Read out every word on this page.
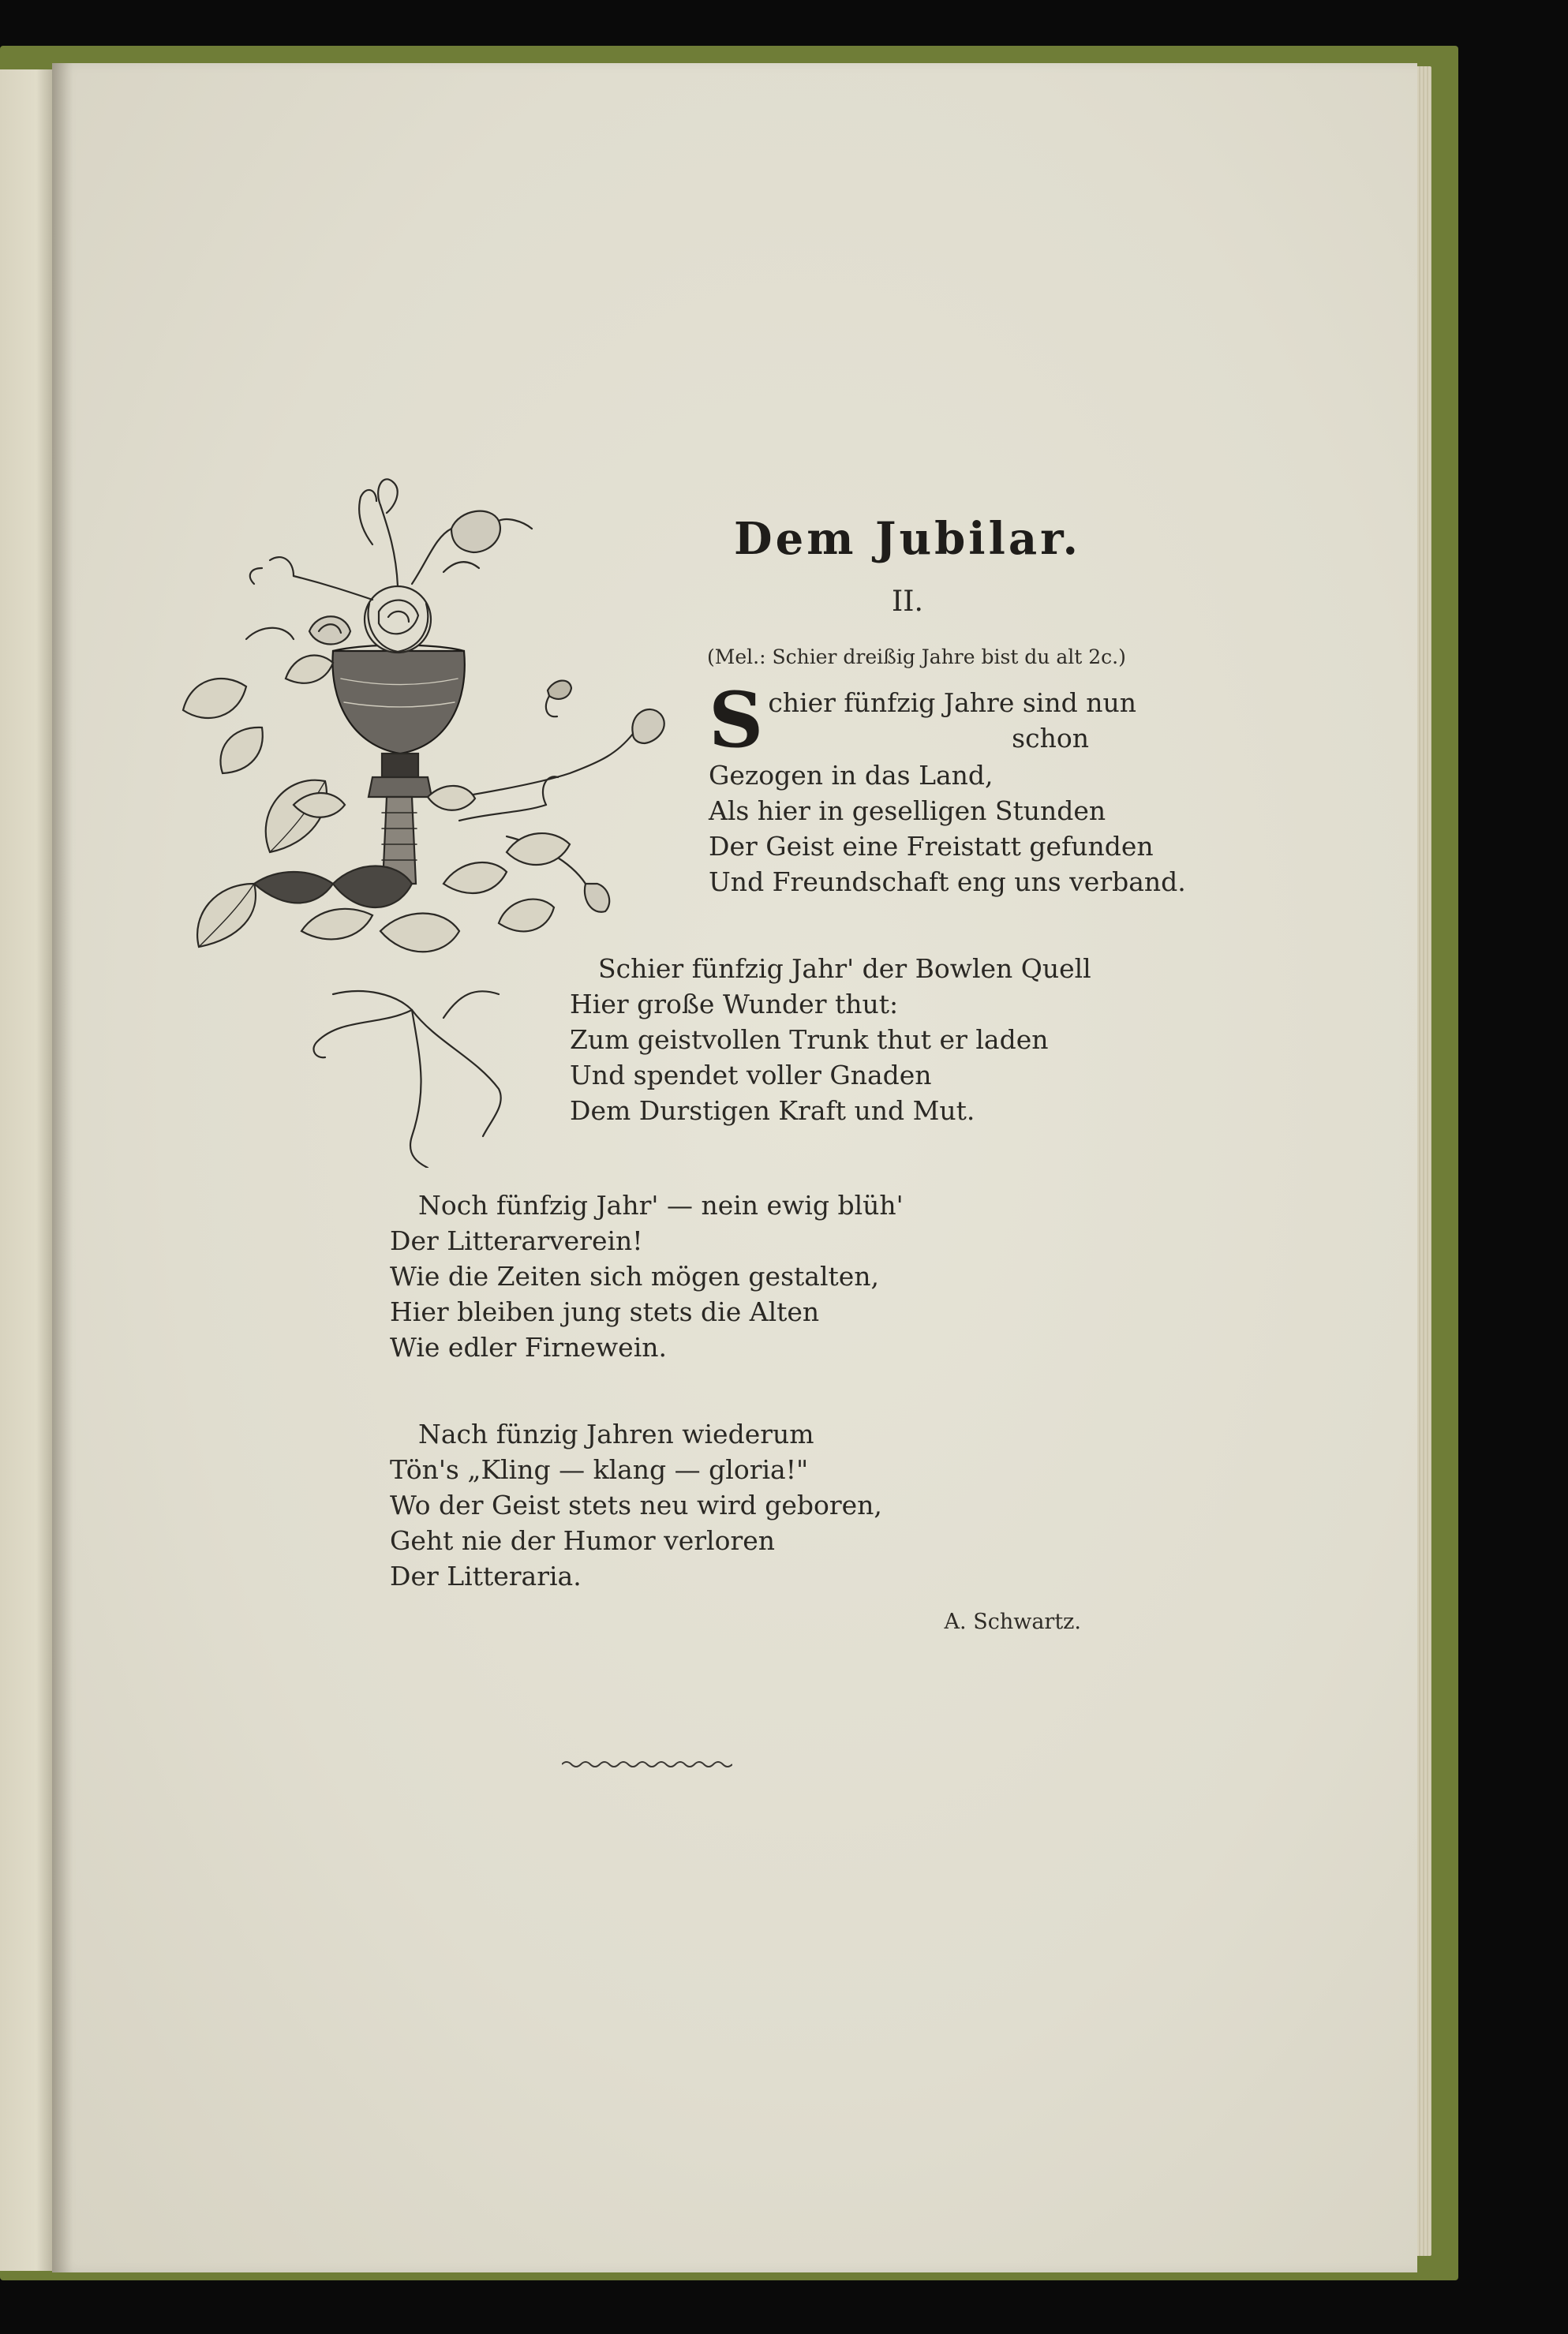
Dem Jubilar.
II.
(Mel.: Schier dreißig Jahre bist du alt 2c.)
S chier fünfzig Jahre sind nun
schon
Gezogen in das Land,
Als hier in geselligen Stunden
Der Geist eine Freistatt gefunden
Und Freundschaft eng uns verband.
Schier fünfzig Jahr' der Bowlen Quell
Hier große Wunder thut:
Zum geistvollen Trunk thut er laden
Und spendet voller Gnaden
Dem Durstigen Kraft und Mut.
Noch fünfzig Jahr' — nein ewig blüh'
Der Litterarverein!
Wie die Zeiten sich mögen gestalten,
Hier bleiben jung stets die Alten
Wie edler Firnewein.
Nach fünzig Jahren wiederum
Tön's „Kling — klang — gloria!"
Wo der Geist stets neu wird geboren,
Geht nie der Humor verloren
Der Litteraria.
A. Schwartz.
